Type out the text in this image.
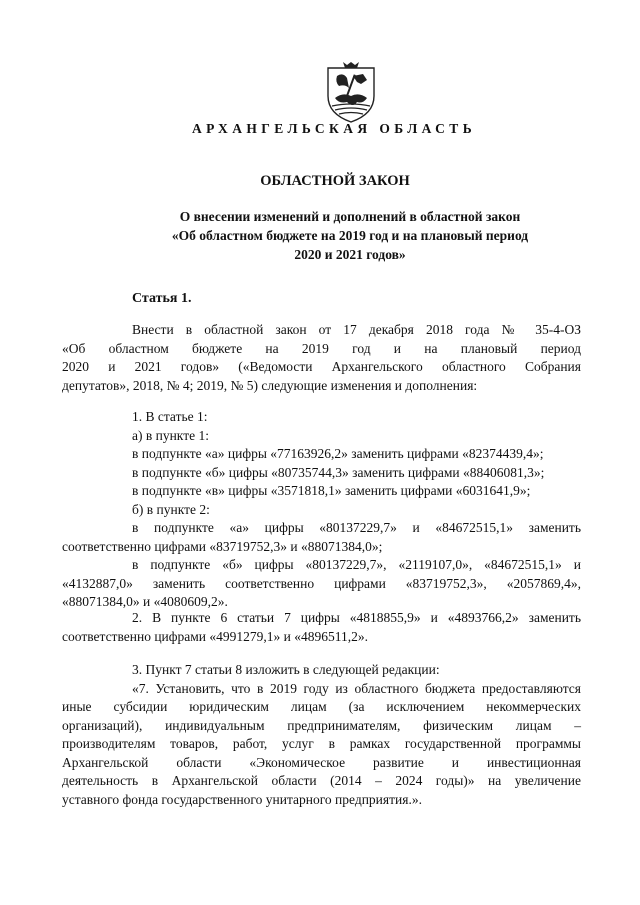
АРХАНГЕЛЬСКАЯ ОБЛАСТЬ
ОБЛАСТНОЙ ЗАКОН
О внесении изменений и дополнений в областной закон
«Об областном бюджете на 2019 год и на плановый период
2020 и 2021 годов»
Статья 1.

Внести в областной закон от 17 декабря 2018 года № 35-4-ОЗ

«Об областном бюджете на 2019 год и на плановый период

2020 и 2021 годов» («Ведомости Архангельского областного Собрания

депутатов», 2018, № 4; 2019, № 5) следующие изменения и дополнения:

1. В статье 1:

а) в пункте 1:

в подпункте «а» цифры «77163926,2» заменить цифрами «82374439,4»;

в подпункте «б» цифры «80735744,3» заменить цифрами «88406081,3»;

в подпункте «в» цифры «3571818,1» заменить цифрами «6031641,9»;

б) в пункте 2:

в подпункте «а» цифры «80137229,7» и «84672515,1» заменить

соответственно цифрами «83719752,3» и «88071384,0»;

в подпункте «б» цифры «80137229,7», «2119107,0», «84672515,1» и

«4132887,0» заменить соответственно цифрами «83719752,3», «2057869,4»,

«88071384,0» и «4080609,2».

2. В пункте 6 статьи 7 цифры «4818855,9» и «4893766,2» заменить

соответственно цифрами «4991279,1» и «4896511,2».

3. Пункт 7 статьи 8 изложить в следующей редакции:

«7. Установить, что в 2019 году из областного бюджета предоставляются

иные субсидии юридическим лицам (за исключением некоммерческих

организаций), индивидуальным предпринимателям, физическим лицам –

производителям товаров, работ, услуг в рамках государственной программы

Архангельской области «Экономическое развитие и инвестиционная

деятельность в Архангельской области (2014 – 2024 годы)» на увеличение

уставного фонда государственного унитарного предприятия.».
